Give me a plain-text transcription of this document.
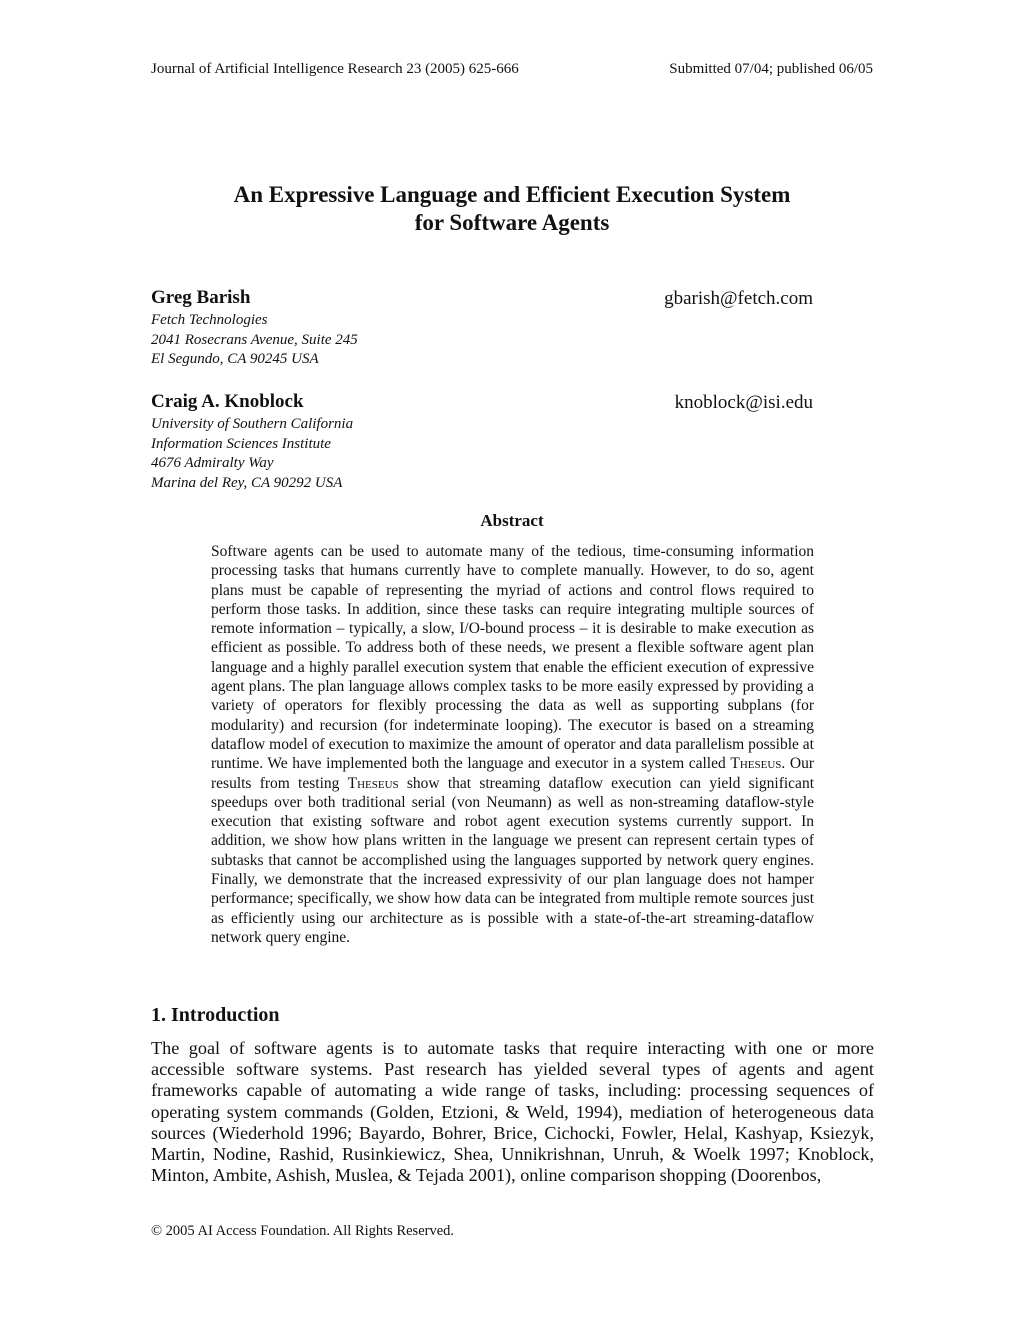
Journal of Artificial Intelligence Research 23 (2005) 625-666	Submitted 07/04; published 06/05
An Expressive Language and Efficient Execution System
for Software Agents
Greg Barish
Fetch Technologies
2041 Rosecrans Avenue, Suite 245
El Segundo, CA 90245 USA
gbarish@fetch.com
Craig A. Knoblock
University of Southern California
Information Sciences Institute
4676 Admiralty Way
Marina del Rey, CA 90292 USA
knoblock@isi.edu
Abstract
Software agents can be used to automate many of the tedious, time-consuming information processing tasks that humans currently have to complete manually. However, to do so, agent plans must be capable of representing the myriad of actions and control flows required to perform those tasks. In addition, since these tasks can require integrating multiple sources of remote information – typically, a slow, I/O-bound process – it is desirable to make execution as efficient as possible. To address both of these needs, we present a flexible software agent plan language and a highly parallel execution system that enable the efficient execution of expressive agent plans. The plan language allows complex tasks to be more easily expressed by providing a variety of operators for flexibly processing the data as well as supporting subplans (for modularity) and recursion (for indeterminate looping). The executor is based on a streaming dataflow model of execution to maximize the amount of operator and data parallelism possible at runtime. We have implemented both the language and executor in a system called Theseus. Our results from testing Theseus show that streaming dataflow execution can yield significant speedups over both traditional serial (von Neumann) as well as non-streaming dataflow-style execution that existing software and robot agent execution systems currently support. In addition, we show how plans written in the language we present can represent certain types of subtasks that cannot be accomplished using the languages supported by network query engines. Finally, we demonstrate that the increased expressivity of our plan language does not hamper performance; specifically, we show how data can be integrated from multiple remote sources just as efficiently using our architecture as is possible with a state-of-the-art streaming-dataflow network query engine.
1. Introduction
The goal of software agents is to automate tasks that require interacting with one or more accessible software systems. Past research has yielded several types of agents and agent frameworks capable of automating a wide range of tasks, including: processing sequences of operating system commands (Golden, Etzioni, & Weld, 1994), mediation of heterogeneous data sources (Wiederhold 1996; Bayardo, Bohrer, Brice, Cichocki, Fowler, Helal, Kashyap, Ksiezyk, Martin, Nodine, Rashid, Rusinkiewicz, Shea, Unnikrishnan, Unruh, & Woelk 1997; Knoblock, Minton, Ambite, Ashish, Muslea, & Tejada 2001), online comparison shopping (Doorenbos,
© 2005 AI Access Foundation. All Rights Reserved.
